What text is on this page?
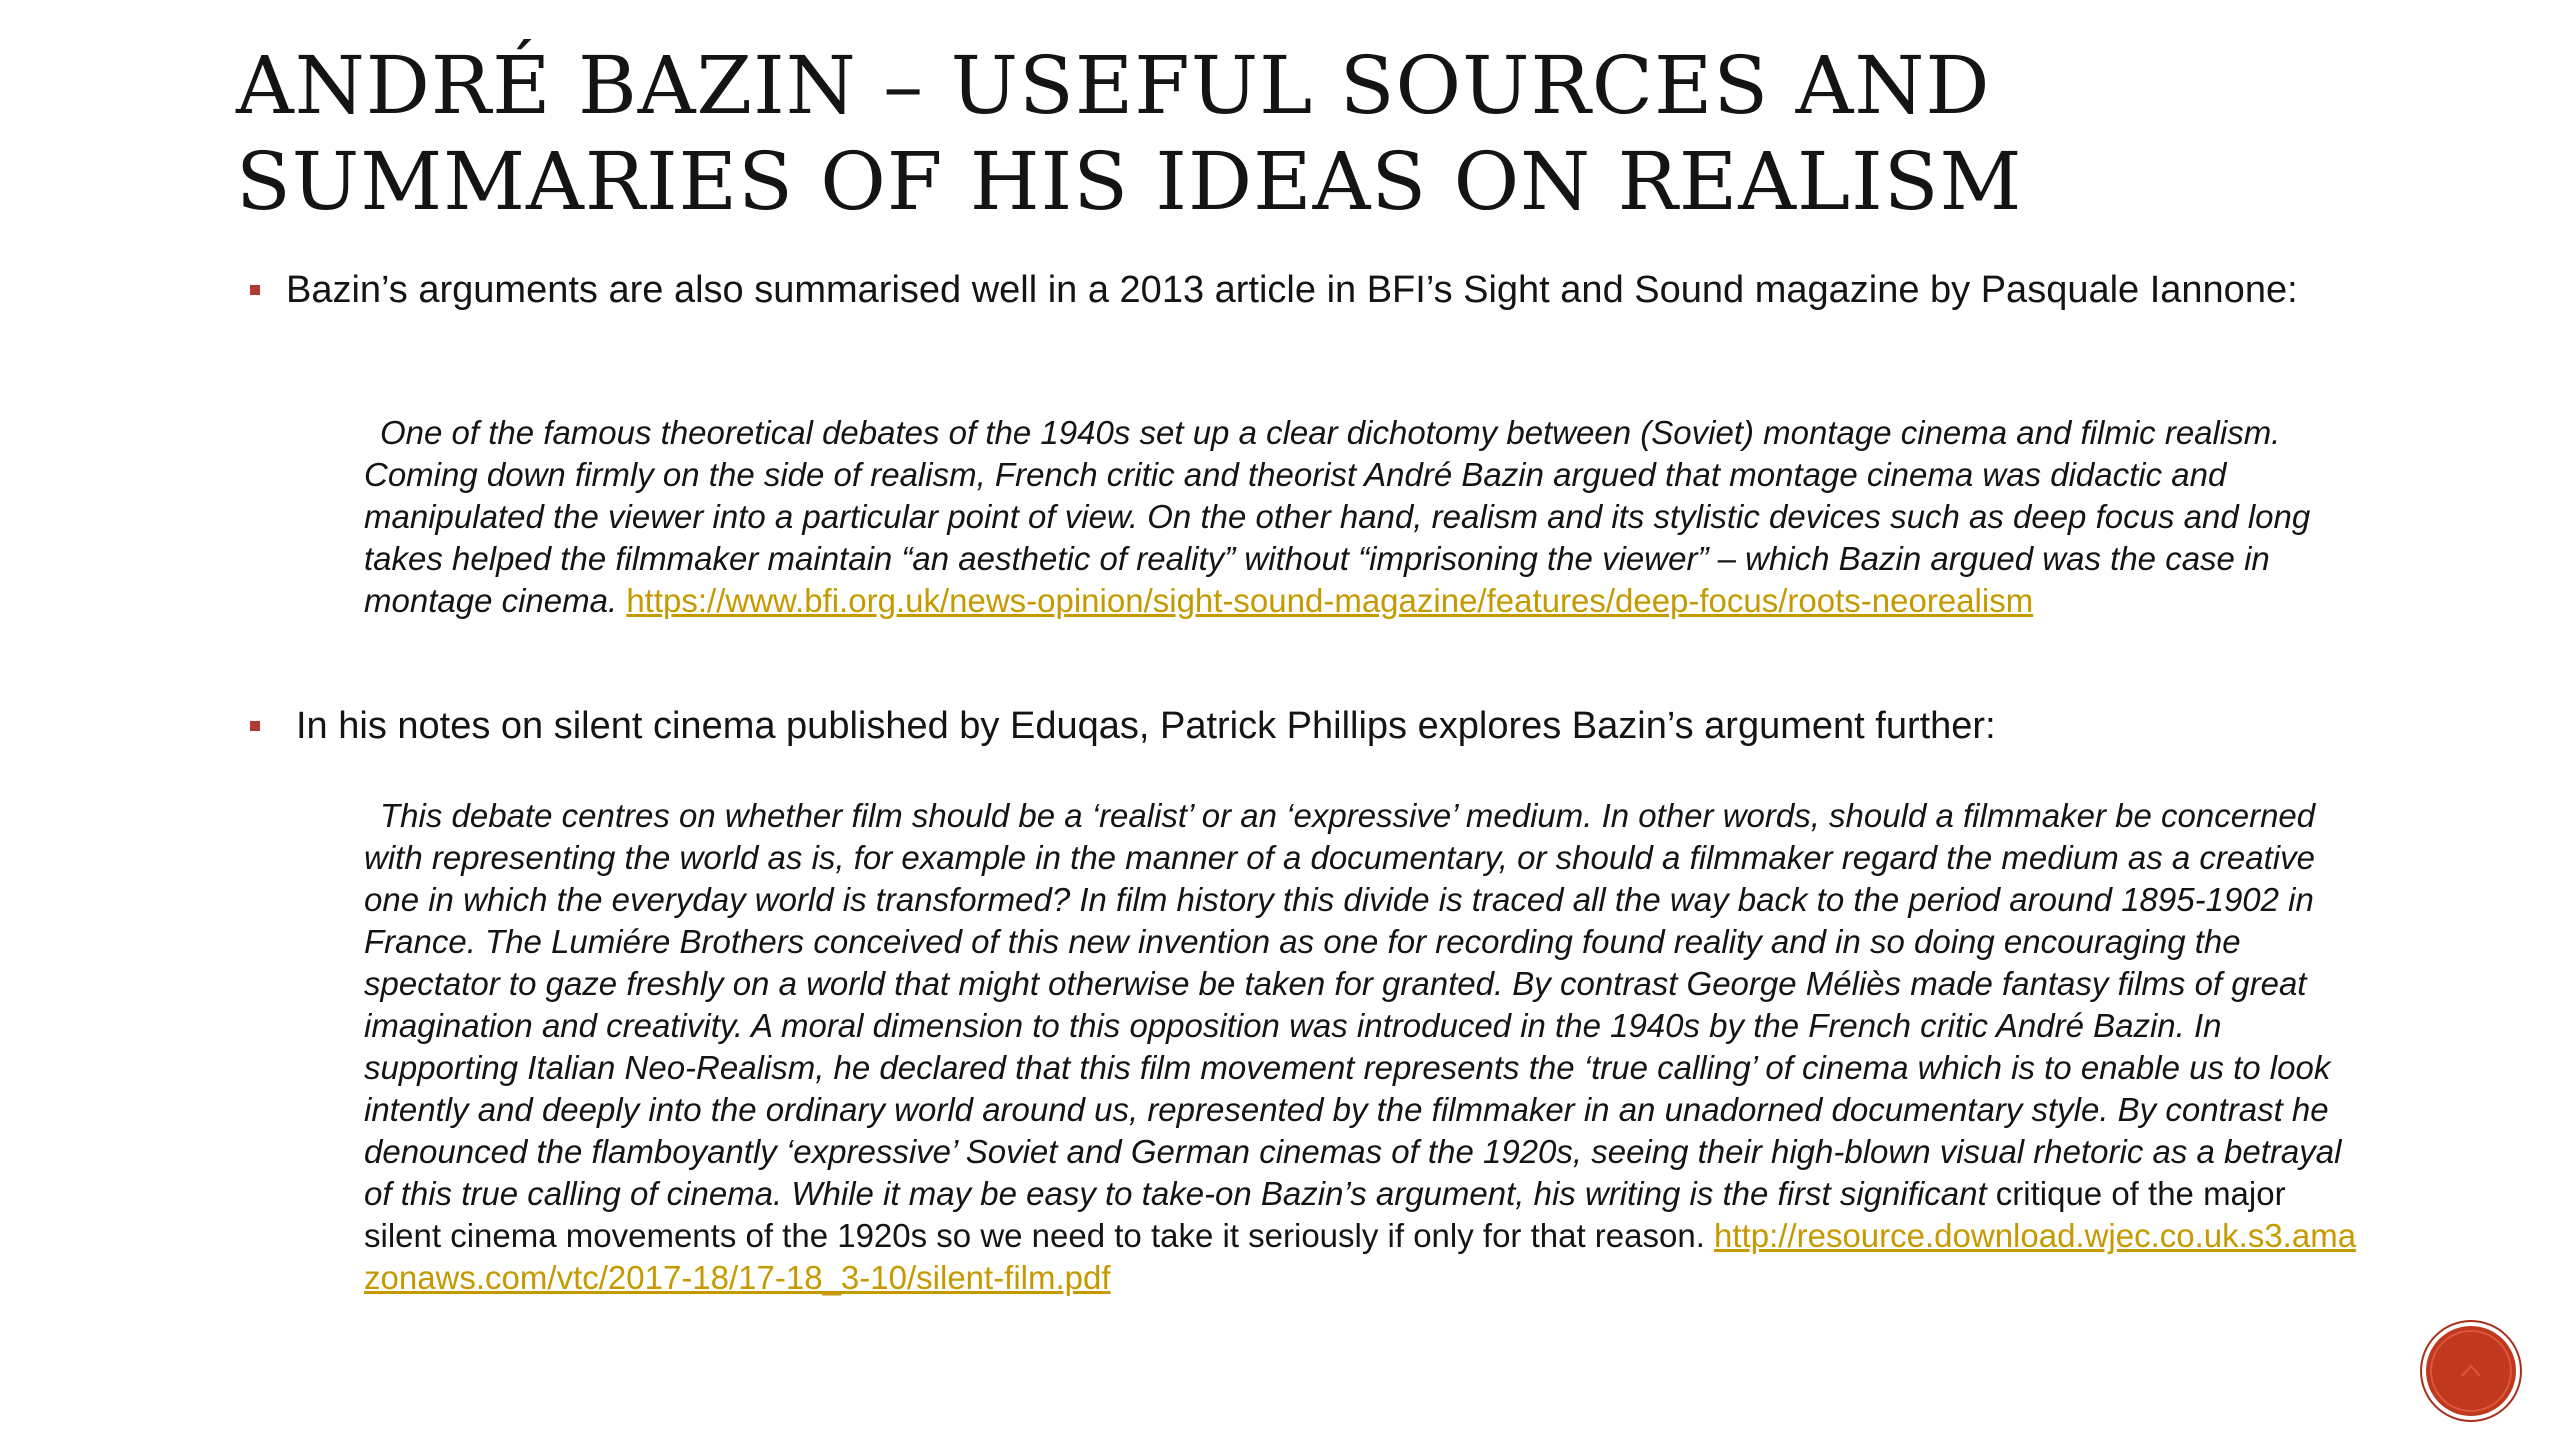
ANDRÉ BAZIN – USEFUL SOURCES AND
SUMMARIES OF HIS IDEAS ON REALISM
Bazin’s arguments are also summarised well in a 2013 article in BFI’s Sight and Sound magazine by Pasquale Iannone:

One of the famous theoretical debates of the 1940s set up a clear dichotomy between (Soviet) montage cinema and filmic realism. Coming down firmly on the side of realism, French critic and theorist André Bazin argued that montage cinema was didactic and manipulated the viewer into a particular point of view. On the other hand, realism and its stylistic devices such as deep focus and long takes helped the filmmaker maintain “an aesthetic of reality” without “imprisoning the viewer” – which Bazin argued was the case in montage cinema. https://www.bfi.org.uk/news-opinion/sight-sound-magazine/features/deep-focus/roots-neorealism

In his notes on silent cinema published by Eduqas, Patrick Phillips explores Bazin’s argument further:

This debate centres on whether film should be a ‘realist’ or an ‘expressive’ medium. In other words, should a filmmaker be concerned with representing the world as is, for example in the manner of a documentary, or should a filmmaker regard the medium as a creative one in which the everyday world is transformed? In film history this divide is traced all the way back to the period around 1895-1902 in France. The Lumiére Brothers conceived of this new invention as one for recording found reality and in so doing encouraging the spectator to gaze freshly on a world that might otherwise be taken for granted. By contrast George Méliès made fantasy films of great imagination and creativity. A moral dimension to this opposition was introduced in the 1940s by the French critic André Bazin. In supporting Italian Neo-Realism, he declared that this film movement represents the ‘true calling’ of cinema which is to enable us to look intently and deeply into the ordinary world around us, represented by the filmmaker in an unadorned documentary style. By contrast he denounced the flamboyantly ‘expressive’ Soviet and German cinemas of the 1920s, seeing their high-blown visual rhetoric as a betrayal of this true calling of cinema. While it may be easy to take-on Bazin’s argument, his writing is the first significant critique of the major silent cinema movements of the 1920s so we need to take it seriously if only for that reason. http://resource.download.wjec.co.uk.s3.amazonaws.com/vtc/2017-18/17-18_3-10/silent-film.pdf
